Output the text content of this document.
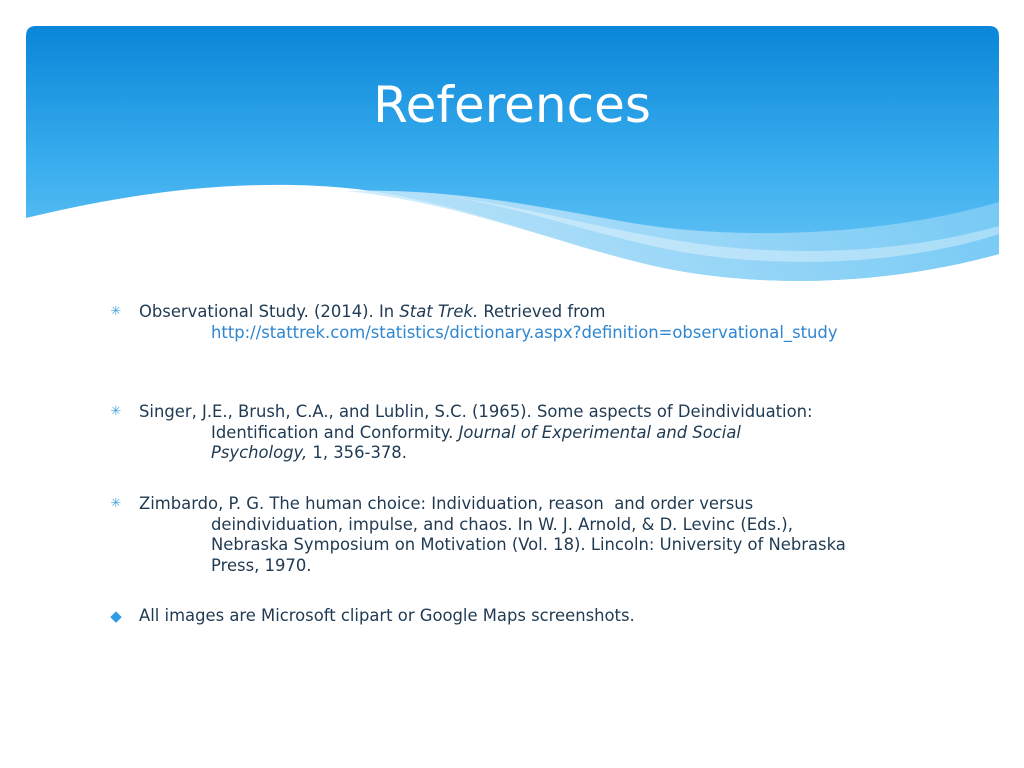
References
✳ Observational Study. (2014). In Stat Trek. Retrieved from
http://stattrek.com/statistics/dictionary.aspx?definition=observational_study
✳ Singer, J.E., Brush, C.A., and Lublin, S.C. (1965). Some aspects of Deindividuation:
Identification and Conformity. Journal of Experimental and Social
Psychology, 1, 356-378.
✳ Zimbardo, P. G. The human choice: Individuation, reason  and order versus
deindividuation, impulse, and chaos. In W. J. Arnold, & D. Levinc (Eds.),
Nebraska Symposium on Motivation (Vol. 18). Lincoln: University of Nebraska
Press, 1970.
◆ All images are Microsoft clipart or Google Maps screenshots.
